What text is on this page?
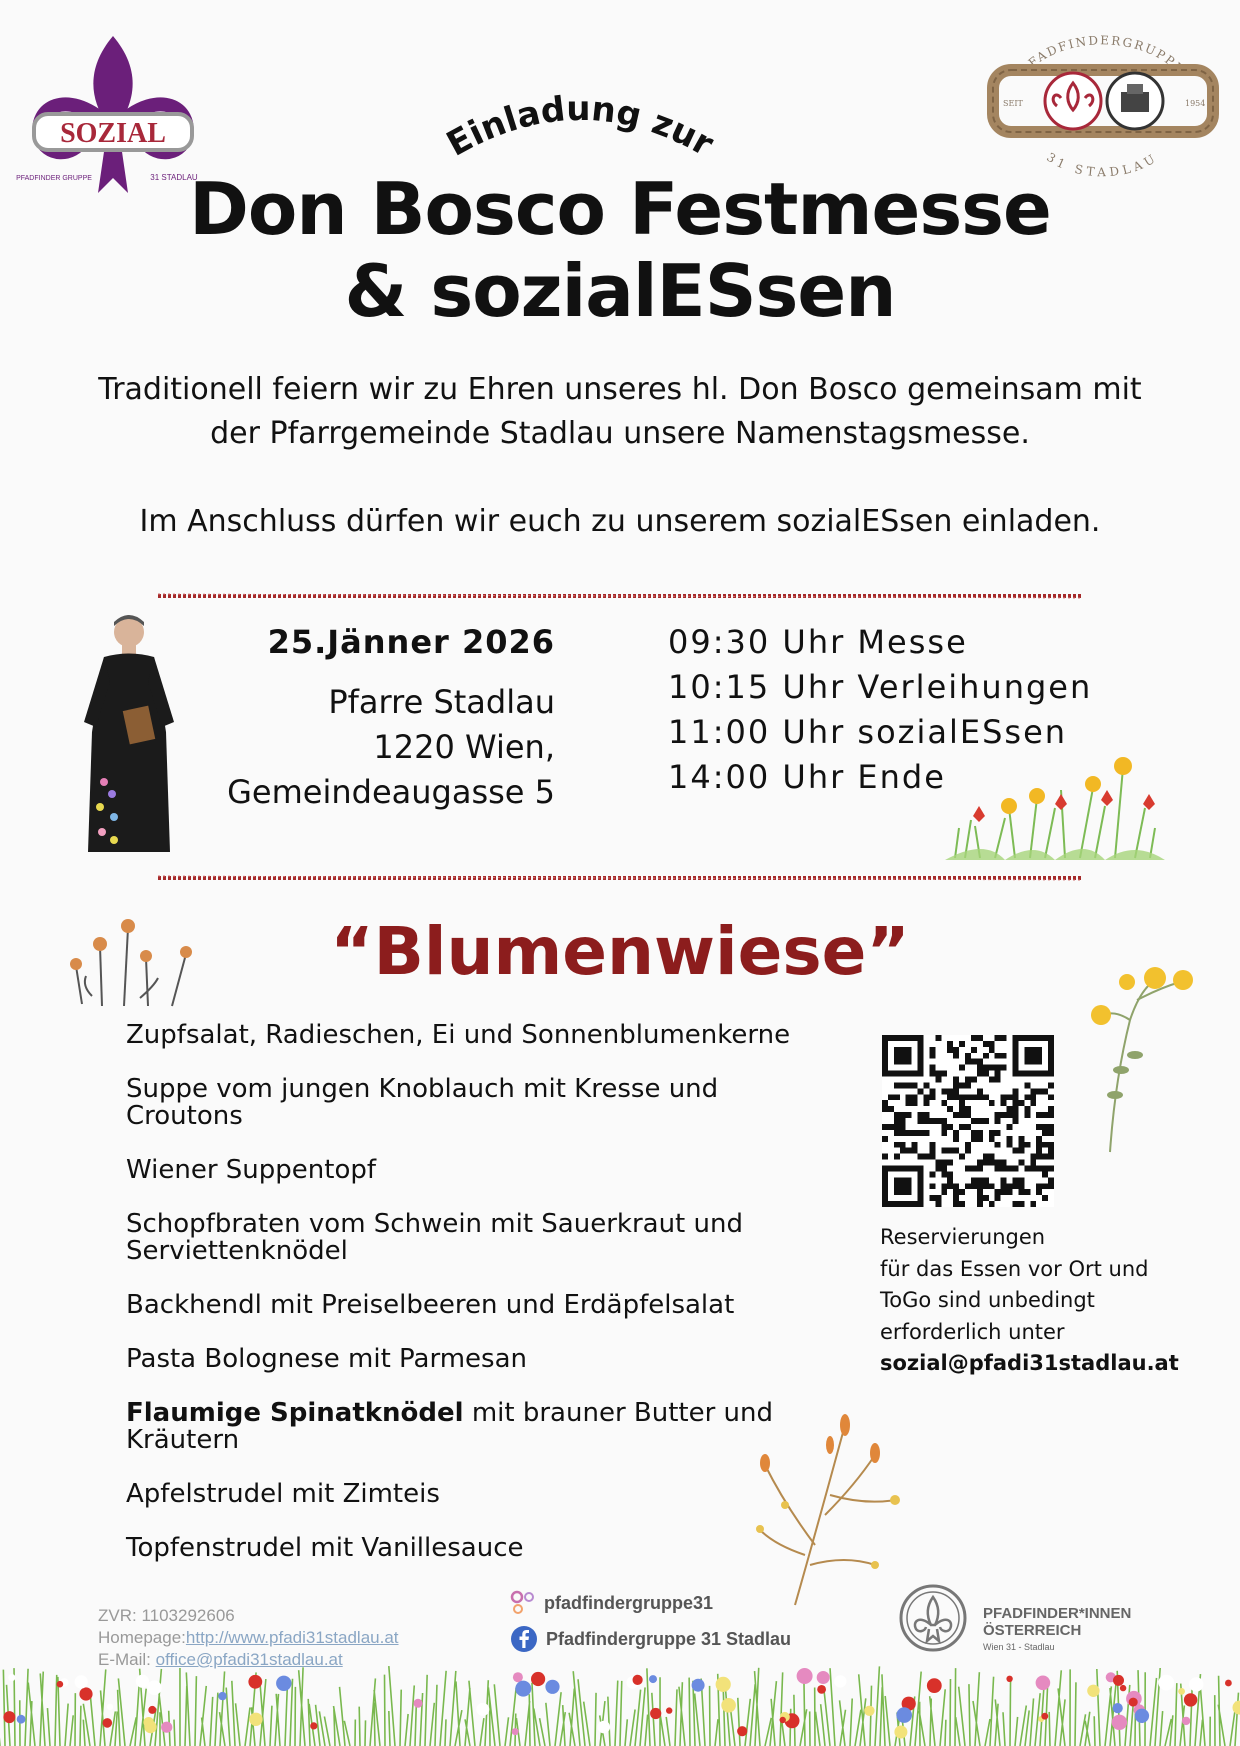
SOZIAL
PFADFINDER GRUPPE	31 STADLAU
PFADFINDERGRUPPE
31 STADLAU
SEIT	1954
Einladung zur
Don Bosco Festmesse
& sozialESsen

Traditionell feiern wir zu Ehren unseres hl. Don Bosco gemeinsam mit
der Pfarrgemeinde Stadlau unsere Namenstagsmesse.

Im Anschluss dürfen wir euch zu unserem sozialESsen einladen.

25.Jänner 2026

Pfarre Stadlau
1220 Wien,
Gemeindeaugasse 5

09:30 Uhr Messe
10:15 Uhr Verleihungen
11:00 Uhr sozialESsen
14:00 Uhr Ende
“Blumenwiese”
Zupfsalat, Radieschen, Ei und Sonnenblumenkerne
Suppe vom jungen Knoblauch mit Kresse und Croutons
Wiener Suppentopf
Schopfbraten vom Schwein mit Sauerkraut und Serviettenknödel
Backhendl mit Preiselbeeren und Erdäpfelsalat
Pasta Bolognese mit Parmesan
Flaumige Spinatknödel mit brauner Butter und Kräutern
Apfelstrudel mit Zimteis
Topfenstrudel mit Vanillesauce

Reservierungen
für das Essen vor Ort und
ToGo sind unbedingt
erforderlich unter
sozial@pfadi31stadlau.at

ZVR: 1103292606
Homepage:http://www.pfadi31stadlau.at
E-Mail: office@pfadi31stadlau.at

pfadfindergruppe31
Pfadfindergruppe 31 Stadlau

PFADFINDER*INNEN
ÖSTERREICH
Wien 31 - Stadlau
